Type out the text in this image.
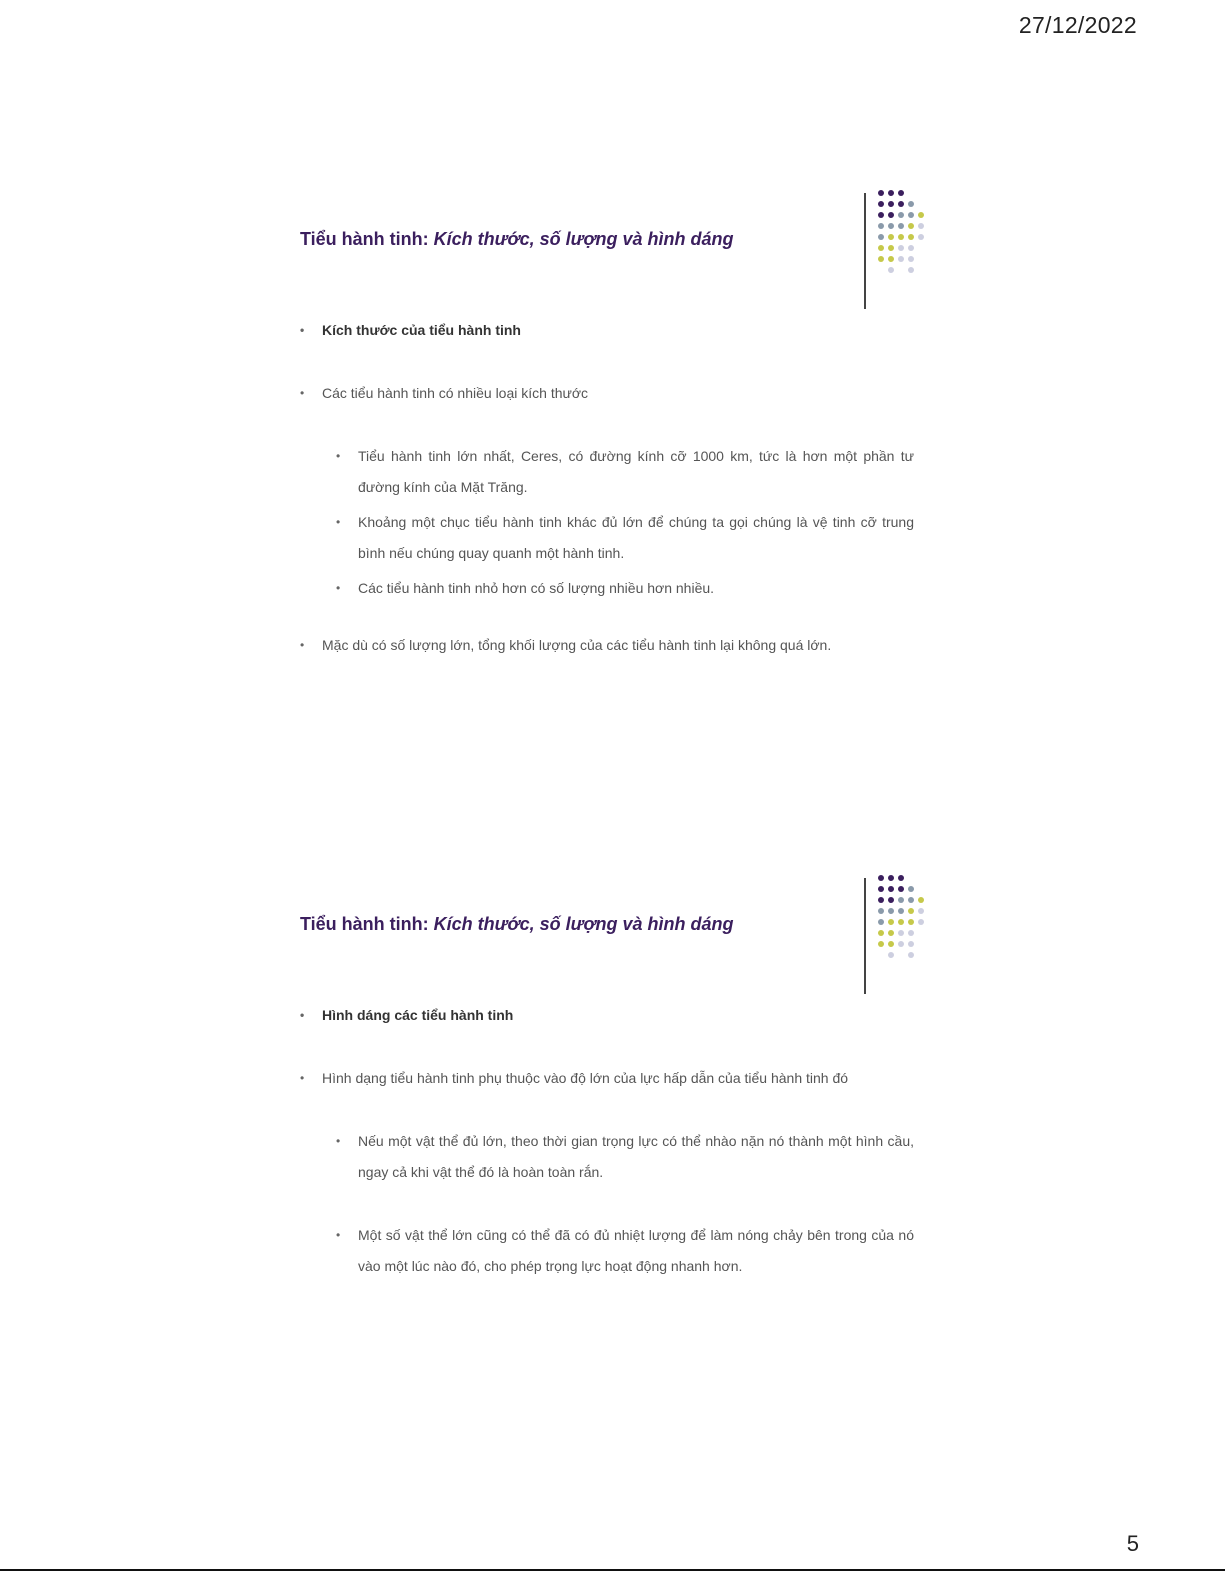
27/12/2022
Tiểu hành tinh: Kích thước, số lượng và hình dáng
• Kích thước của tiểu hành tinh
• Các tiểu hành tinh có nhiều loại kích thước
• Tiểu hành tinh lớn nhất, Ceres, có đường kính cỡ 1000 km, tức là hơn một phần tư đường kính của Mặt Trăng.
• Khoảng một chục tiểu hành tinh khác đủ lớn để chúng ta gọi chúng là vệ tinh cỡ trung bình nếu chúng quay quanh một hành tinh.
• Các tiểu hành tinh nhỏ hơn có số lượng nhiều hơn nhiều.
• Mặc dù có số lượng lớn, tổng khối lượng của các tiểu hành tinh lại không quá lớn.
Tiểu hành tinh: Kích thước, số lượng và hình dáng
• Hình dáng các tiểu hành tinh
• Hình dạng tiểu hành tinh phụ thuộc vào độ lớn của lực hấp dẫn của tiểu hành tinh đó
• Nếu một vật thể đủ lớn, theo thời gian trọng lực có thể nhào nặn nó thành một hình cầu, ngay cả khi vật thể đó là hoàn toàn rắn.
• Một số vật thể lớn cũng có thể đã có đủ nhiệt lượng để làm nóng chảy bên trong của nó vào một lúc nào đó, cho phép trọng lực hoạt động nhanh hơn.
5
